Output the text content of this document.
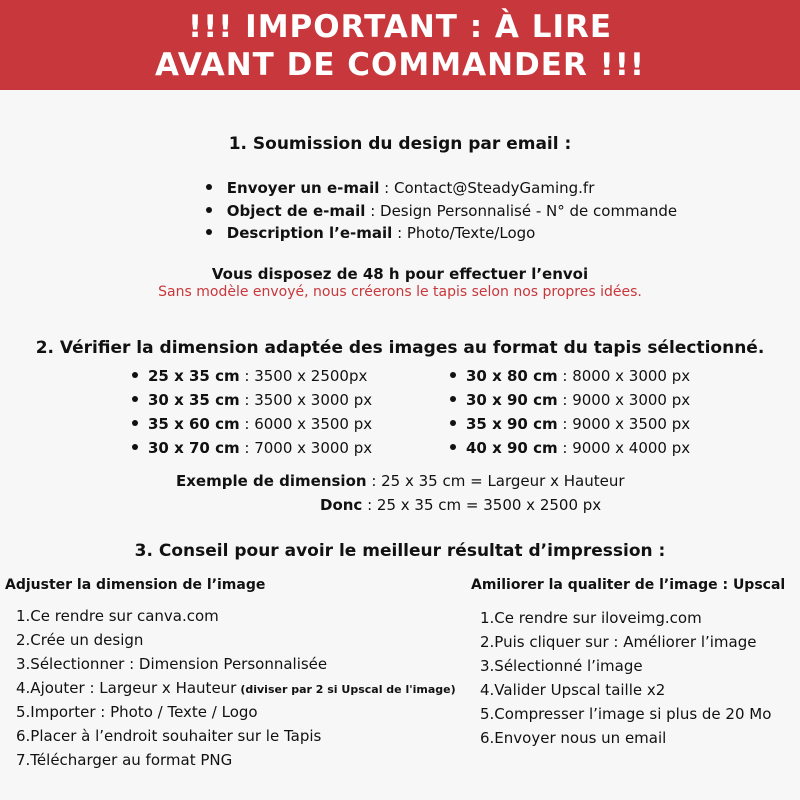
!!! IMPORTANT : À LIRE
AVANT DE COMMANDER !!!
1. Soumission du design par email :
Envoyer un e-mail : Contact@SteadyGaming.fr
Object de e-mail : Design Personnalisé - N° de commande
Description l’e-mail : Photo/Texte/Logo
Vous disposez de 48 h pour effectuer l’envoi
Sans modèle envoyé, nous créerons le tapis selon nos propres idées.
2. Vérifier la dimension adaptée des images au format du tapis sélectionné.
25 x 35 cm : 3500 x 2500px
30 x 35 cm : 3500 x 3000 px
35 x 60 cm : 6000 x 3500 px
30 x 70 cm : 7000 x 3000 px
30 x 80 cm : 8000 x 3000 px
30 x 90 cm : 9000 x 3000 px
35 x 90 cm : 9000 x 3500 px
40 x 90 cm : 9000 x 4000 px
Exemple de dimension : 25 x 35 cm = Largeur x Hauteur
Donc : 25 x 35 cm = 3500 x 2500 px
3. Conseil pour avoir le meilleur résultat d’impression :
Adjuster la dimension de l’image
1.Ce rendre sur canva.com
2.Crée un design
3.Sélectionner : Dimension Personnalisée
4.Ajouter : Largeur x Hauteur (diviser par 2 si Upscal de l'image)
5.Importer : Photo / Texte / Logo
6.Placer à l’endroit souhaiter sur le Tapis
7.Télécharger au format PNG
Amiliorer la qualiter de l’image : Upscal
1.Ce rendre sur iloveimg.com
2.Puis cliquer sur : Améliorer l’image
3.Sélectionné l’image
4.Valider Upscal taille x2
5.Compresser l’image si plus de 20 Mo
6.Envoyer nous un email
